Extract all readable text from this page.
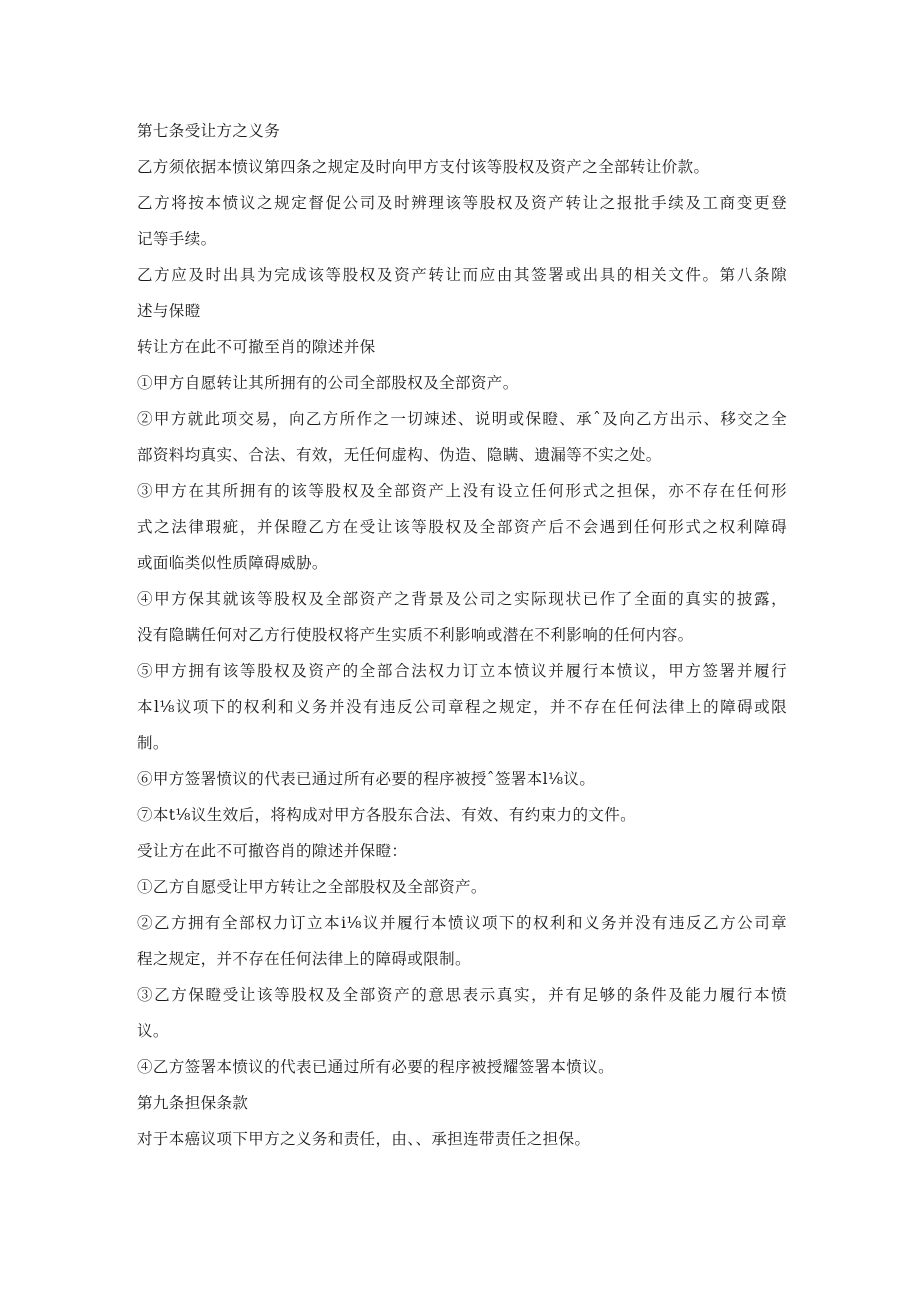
第七条受让方之义务
乙方须依据本愤议第四条之规定及时向甲方支付该等股权及资产之全部转让价款。
乙方将按本愤议之规定督促公司及时辨理该等股权及资产转让之报批手续及工商变更登
记等手续。
乙方应及时出具为完成该等股权及资产转让而应由其签署或出具的相关文件。第八条隙
述与保瞪
转让方在此不可撤至肖的隙述并保
①甲方自愿转让其所拥有的公司全部股权及全部资产。
②甲方就此项交易，向乙方所作之一切竦述、说明或保瞪、承ˆ及向乙方出示、移交之全
部资料均真实、合法、有效，无任何虚构、伪造、隐瞒、遗漏等不实之处。
③甲方在其所拥有的该等股权及全部资产上没有设立任何形式之担保，亦不存在任何形
式之法律瑕疵，并保瞪乙方在受让该等股权及全部资产后不会遇到任何形式之权利障碍
或面临类似性质障碍威胁。
④甲方保其就该等股权及全部资产之背景及公司之实际现状已作了全面的真实的披露，
没有隐瞒任何对乙方行使股权将产生实质不利影响或潜在不利影响的任何内容。
⑤甲方拥有该等股权及资产的全部合法权力订立本愤议并履行本愤议，甲方签署并履行
本l⅛议项下的权利和义务并没有违反公司章程之规定，并不存在任何法律上的障碍或限
制。
⑥甲方签署愤议的代表已通过所有必要的程序被授ˆ签署本l⅛议。
⑦本t⅛议生效后，将构成对甲方各股东合法、有效、有约束力的文件。
受让方在此不可撤咨肖的隙述并保瞪：
①乙方自愿受让甲方转让之全部股权及全部资产。
②乙方拥有全部权力订立本i⅛议并履行本愤议项下的权利和义务并没有违反乙方公司章
程之规定，并不存在任何法律上的障碍或限制。
③乙方保瞪受让该等股权及全部资产的意思表示真实，并有足够的条件及能力履行本愤
议。
④乙方签署本愤议的代表已通过所有必要的程序被授耀签署本愤议。
第九条担保条款
对于本癌议项下甲方之义务和责任，由、、承担连带责任之担保。
